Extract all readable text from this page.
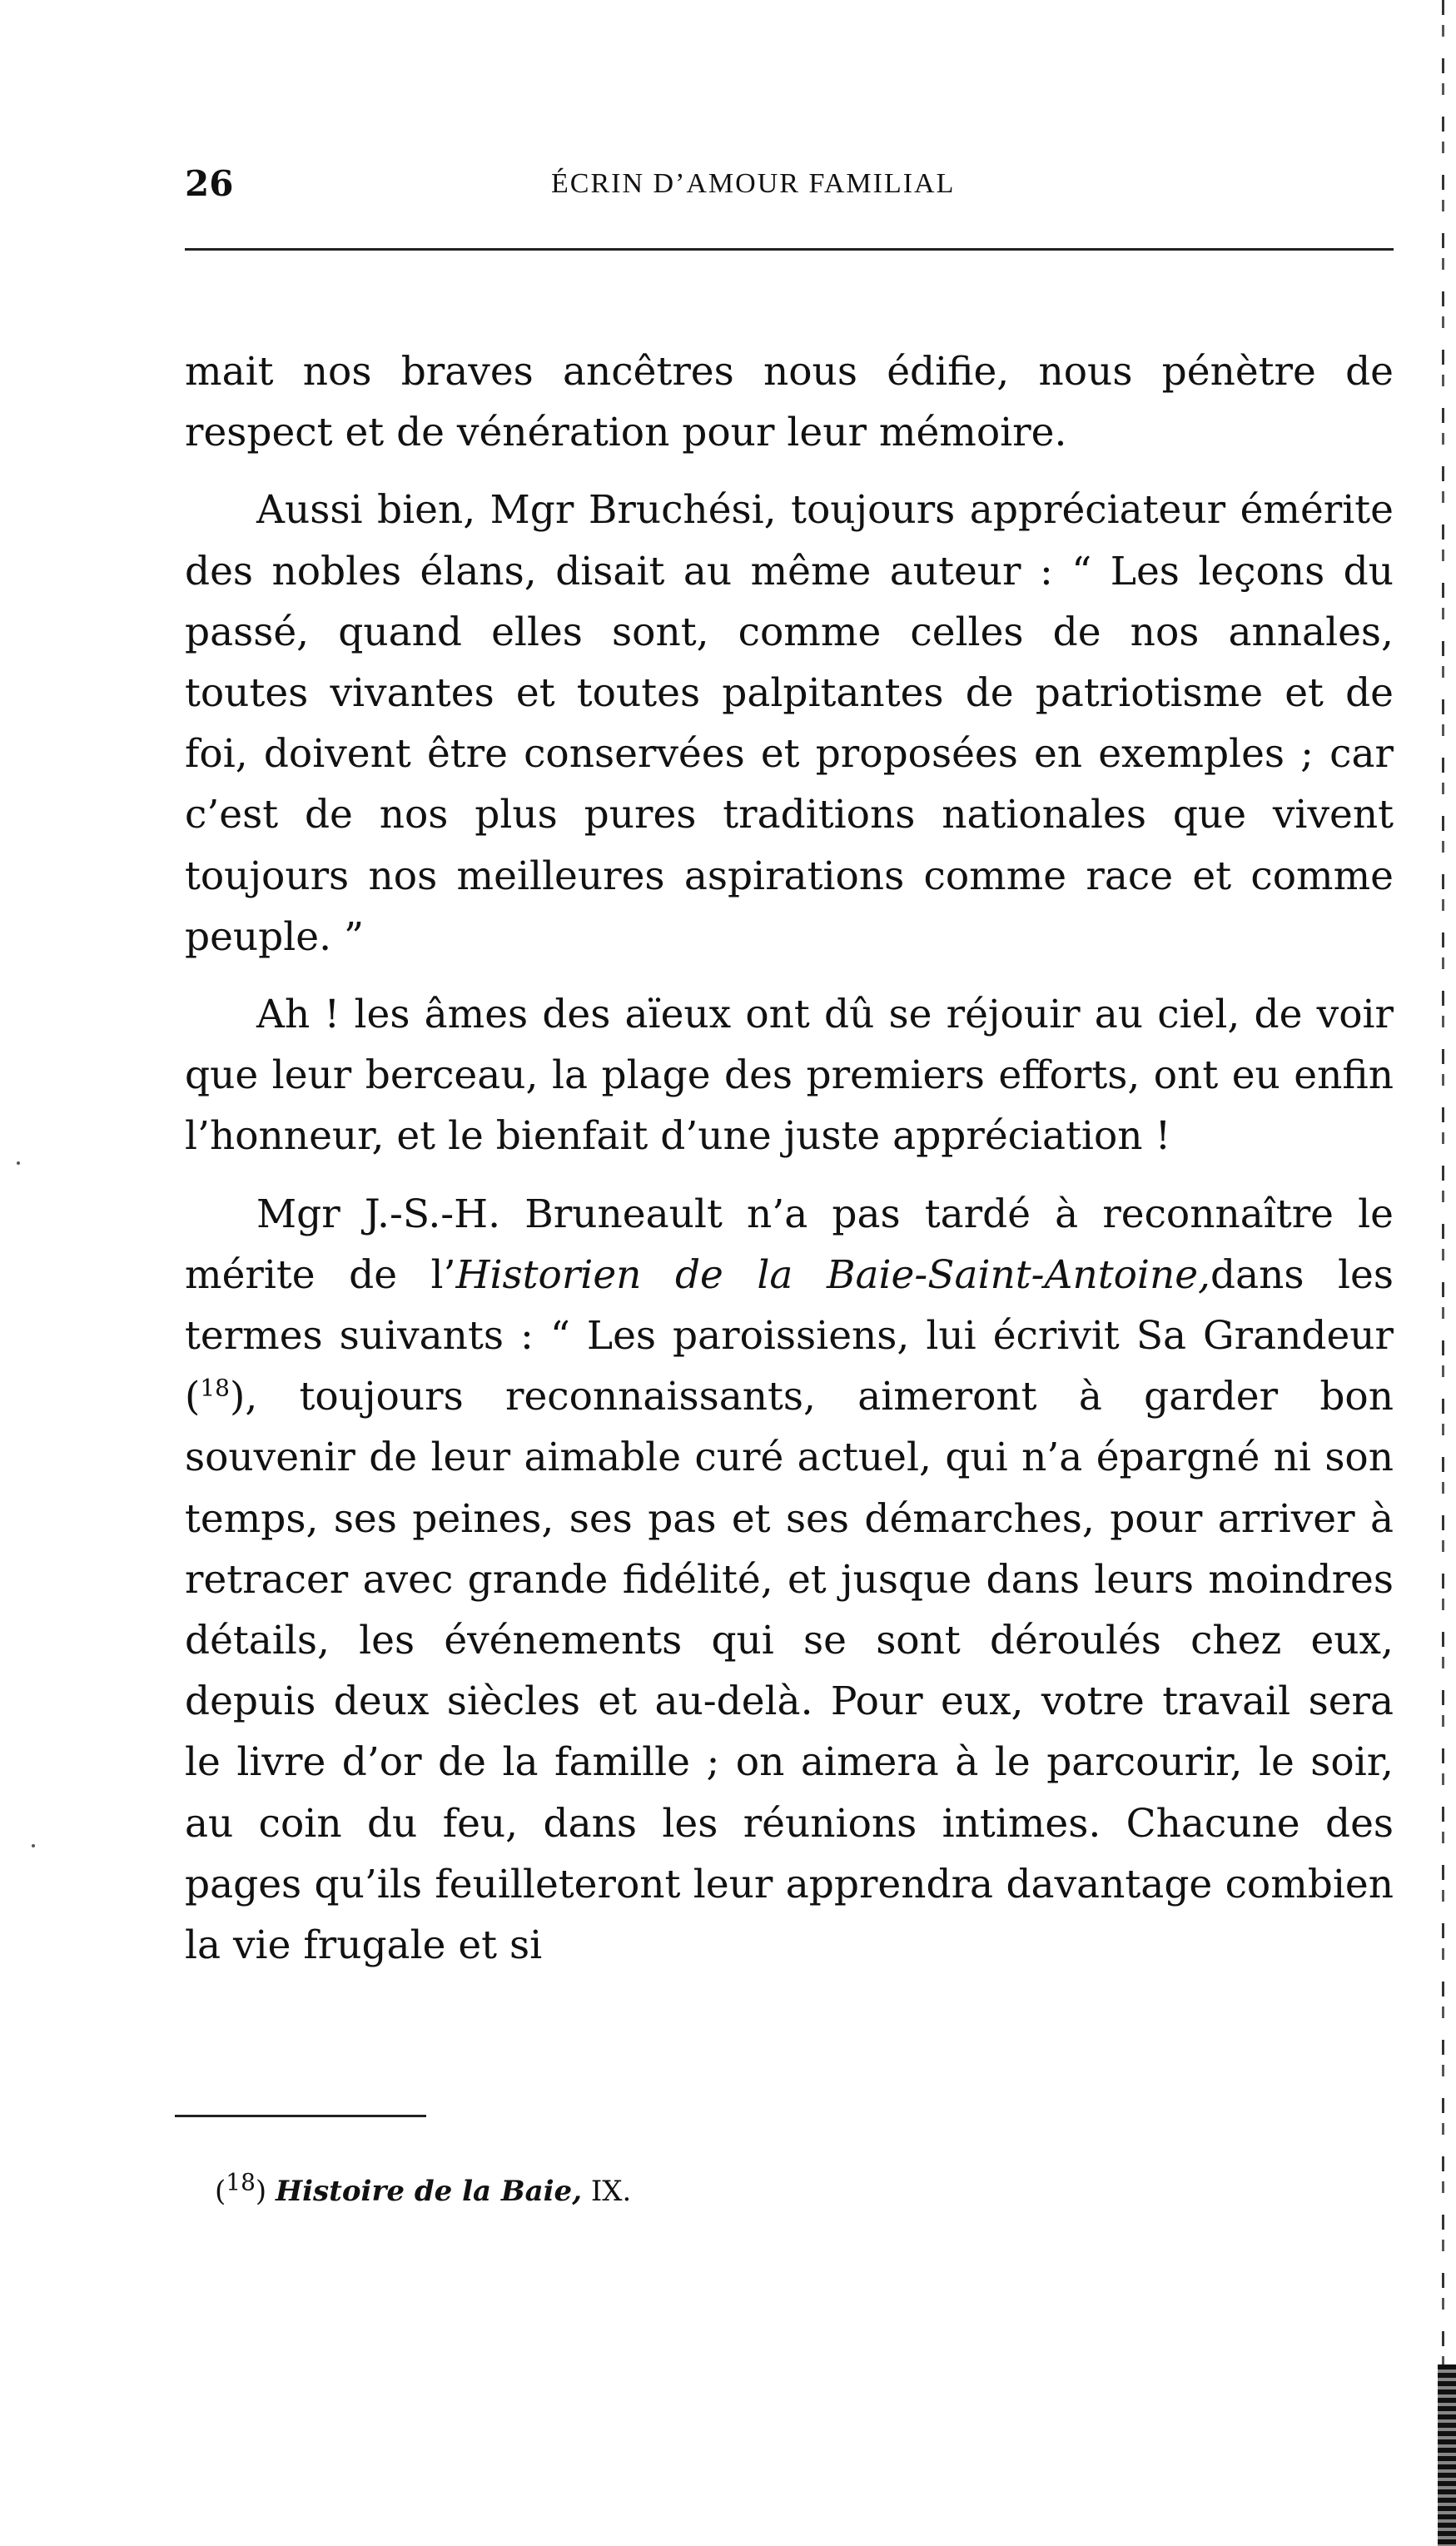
26	ÉCRIN D’AMOUR FAMILIAL

mait nos braves ancêtres nous édifie, nous pénètre de respect et de vénération pour leur mémoire.

Aussi bien, Mgr Bruchési, toujours appréciateur émérite des nobles élans, disait au même auteur : “ Les leçons du passé, quand elles sont, comme celles de nos annales, toutes vivantes et toutes palpitantes de patriotisme et de foi, doivent être conservées et proposées en exemples ; car c’est de nos plus pures traditions nationales que vivent toujours nos meilleures aspirations comme race et comme peuple. ”

Ah ! les âmes des aïeux ont dû se réjouir au ciel, de voir que leur berceau, la plage des premiers efforts, ont eu enfin l’honneur, et le bienfait d’une juste appréciation !

Mgr J.-S.-H. Bruneault n’a pas tardé à reconnaître le mérite de l’Historien de la Baie-Saint-Antoine,dans les termes suivants : “ Les paroissiens, lui écrivit Sa Grandeur ($^{18}$), toujours reconnaissants, aimeront à garder bon souvenir de leur aimable curé actuel, qui n’a épargné ni son temps, ses peines, ses pas et ses démarches, pour arriver à retracer avec grande fidélité, et jusque dans leurs moindres détails, les événements qui se sont déroulés chez eux, depuis deux siècles et au-delà. Pour eux, votre travail sera le livre d’or de la famille ; on aimera à le parcourir, le soir, au coin du feu, dans les réunions intimes. Chacune des pages qu’ils feuilleteront leur apprendra davantage combien la vie frugale et si

($^{18}$) Histoire de la Baie, IX.
